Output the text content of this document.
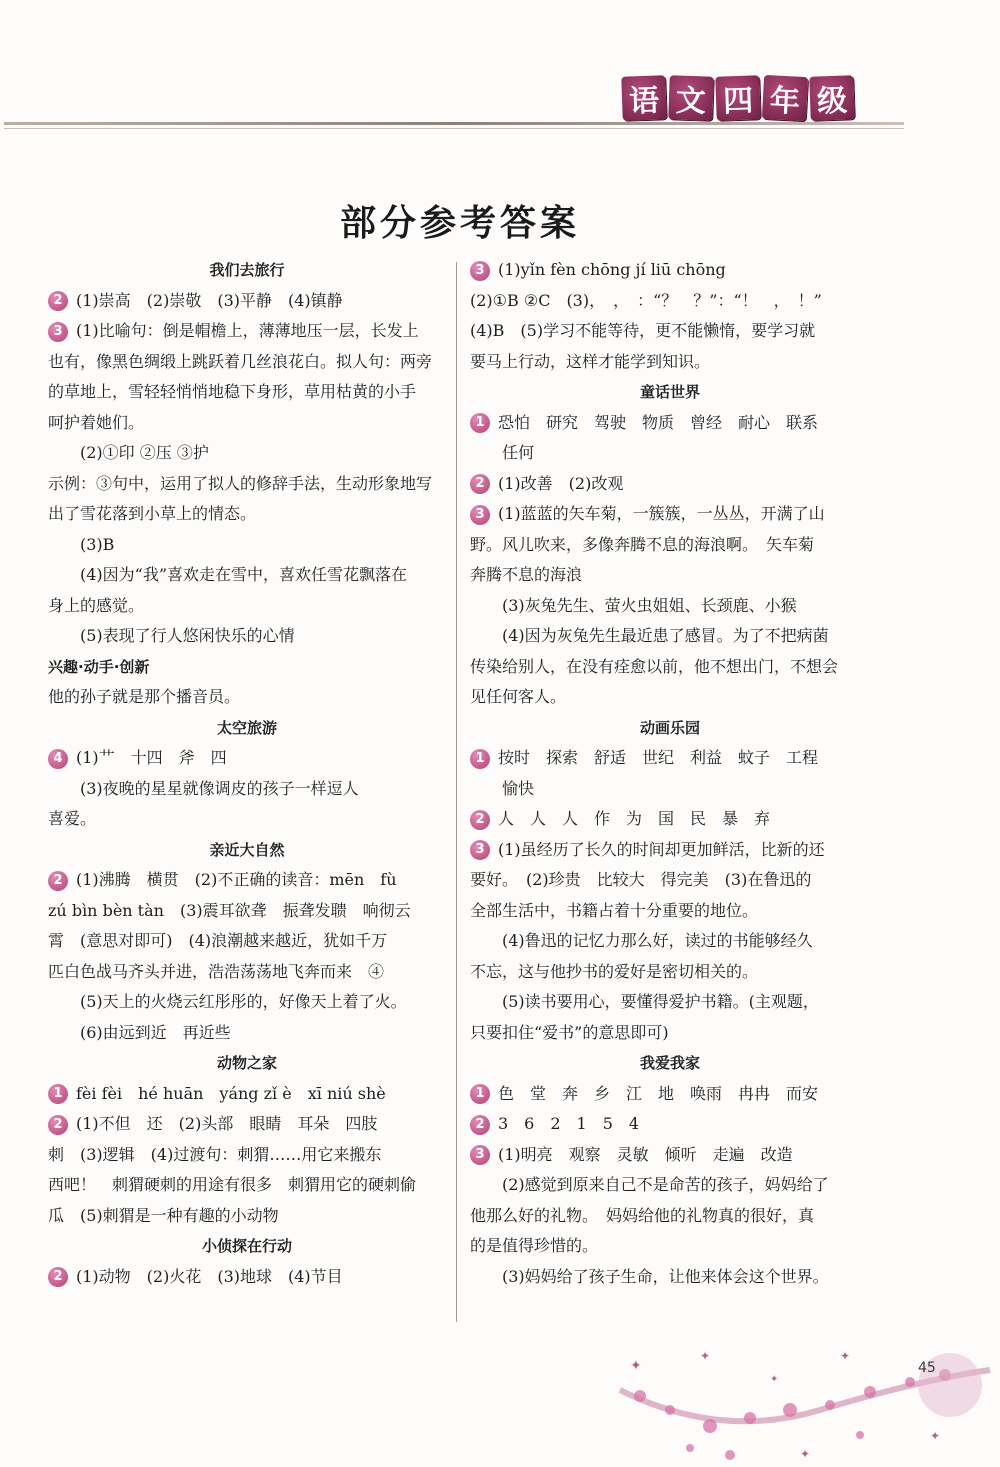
语 文 四 年 级
部分参考答案
我们去旅行
2 (1)崇高　(2)崇敬　(3)平静　(4)镇静
3 (1)比喻句：倒是帽檐上，薄薄地压一层，长发上
也有，像黑色绸缎上跳跃着几丝浪花白。拟人句：两旁
的草地上，雪轻轻悄悄地稳下身形，草用枯黄的小手
呵护着她们。
(2)①印 ②压 ③护
示例：③句中，运用了拟人的修辞手法，生动形象地写
出了雪花落到小草上的情态。
(3)B
(4)因为“我”喜欢走在雪中，喜欢任雪花飘落在
身上的感觉。
(5)表现了行人悠闲快乐的心情
兴趣·动手·创新
他的孙子就是那个播音员。
太空旅游
4 (1)艹　十四　斧　四
(3)夜晚的星星就像调皮的孩子一样逗人
喜爱。
亲近大自然
2 (1)沸腾　横贯　(2)不正确的读音：mēn　fù
zú bìn bèn tàn　(3)震耳欲聋　振聋发聩　响彻云
霄　(意思对即可)　(4)浪潮越来越近，犹如千万
匹白色战马齐头并进，浩浩荡荡地飞奔而来　④
(5)天上的火烧云红彤彤的，好像天上着了火。
(6)由远到近　再近些
动物之家
1 fèi fèi　hé huān　yáng zǐ è　xī niú shè
2 (1)不但　还　(2)头部　眼睛　耳朵　四肢
刺　(3)逻辑　(4)过渡句：刺猬……用它来搬东
西吧！　刺猬硬刺的用途有很多　刺猬用它的硬刺偷
瓜　(5)刺猬是一种有趣的小动物
小侦探在行动
2 (1)动物　(2)火花　(3)地球　(4)节目
3 (1)yǐn fèn chōng jí liū chōng
(2)①B ②C　(3)，　，　：“？　？”：“！　，　！”
(4)B　(5)学习不能等待，更不能懒惰，要学习就
要马上行动，这样才能学到知识。
童话世界
1 恐怕　研究　驾驶　物质　曾经　耐心　联系
任何
2 (1)改善　(2)改观
3 (1)蓝蓝的矢车菊，一簇簇，一丛丛，开满了山
野。风儿吹来，多像奔腾不息的海浪啊。　矢车菊
奔腾不息的海浪
(3)灰兔先生、萤火虫姐姐、长颈鹿、小猴
(4)因为灰兔先生最近患了感冒。为了不把病菌
传染给别人，在没有痊愈以前，他不想出门，不想会
见任何客人。
动画乐园
1 按时　探索　舒适　世纪　利益　蚊子　工程
愉快
2 人　人　人　作　为　国　民　暴　弃
3 (1)虽经历了长久的时间却更加鲜活，比新的还
要好。　(2)珍贵　比较大　得完美　(3)在鲁迅的
全部生活中，书籍占着十分重要的地位。
(4)鲁迅的记忆力那么好，读过的书能够经久
不忘，这与他抄书的爱好是密切相关的。
(5)读书要用心，要懂得爱护书籍。(主观题，
只要扣住“爱书”的意思即可)
我爱我家
1 色　堂　奔　乡　江　地　唤雨　冉冉　而安
2 3　6　2　1　5　4
3 (1)明亮　观察　灵敏　倾听　走遍　改造
(2)感觉到原来自己不是命苦的孩子，妈妈给了
他那么好的礼物。　妈妈给他的礼物真的很好，真
的是值得珍惜的。
(3)妈妈给了孩子生命，让他来体会这个世界。
✦
✦
✦
✦
✦
✦
45
